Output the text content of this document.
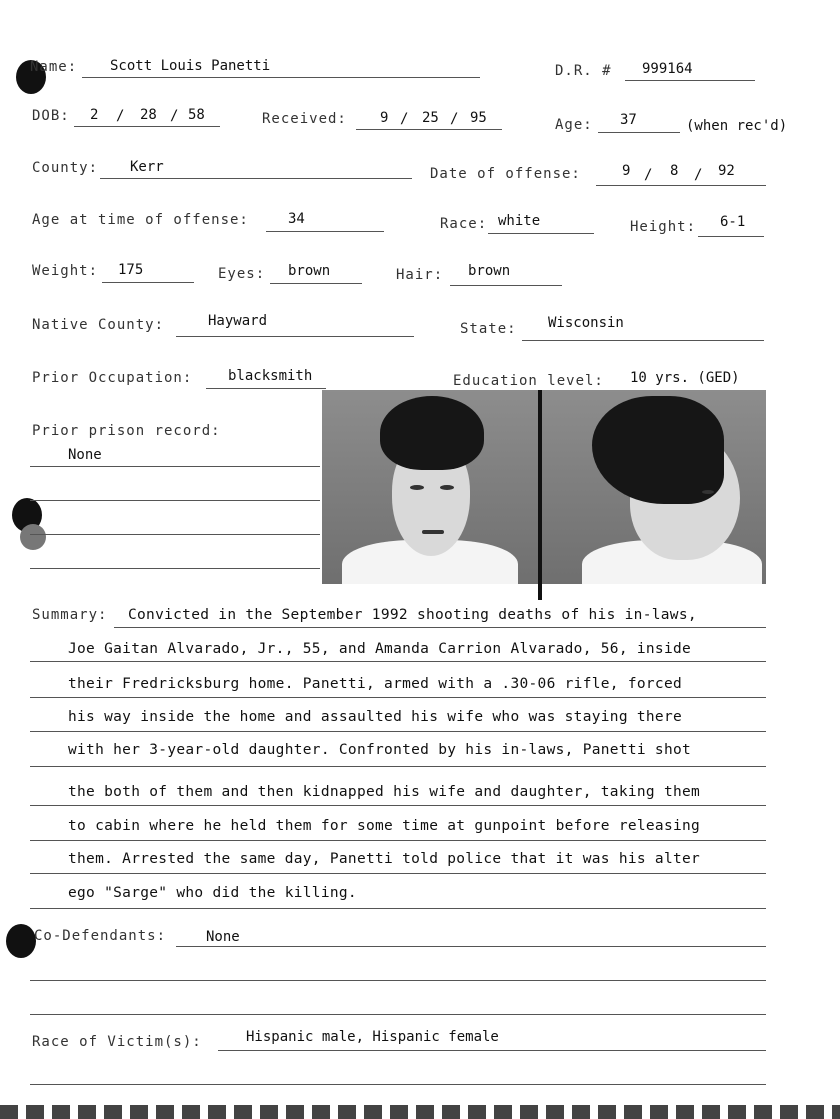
Name: Scott Louis Panetti	D.R. # 999164
DOB: 2 / 28 / 58	Received: 9 / 25 / 95	Age: 37	(when rec'd)
County: Kerr	Date of offense:	9 / 8 / 92
Age at time of offense:	34	Race: white	Height: 6-1
Weight: 175	Eyes: brown	Hair: brown
Native County:	Hayward	State: Wisconsin
Prior Occupation:	blacksmith	Education level: 10 yrs. (GED)
Prior prison record:
None
Summary: Convicted in the September 1992 shooting deaths of his in-laws,
Joe Gaitan Alvarado, Jr., 55, and Amanda Carrion Alvarado, 56, inside
their Fredricksburg home. Panetti, armed with a .30-06 rifle, forced
his way inside the home and assaulted his wife who was staying there
with her 3-year-old daughter. Confronted by his in-laws, Panetti shot
the both of them and then kidnapped his wife and daughter, taking them
to cabin where he held them for some time at gunpoint before releasing
them. Arrested the same day, Panetti told police that it was his alter
ego "Sarge" who did the killing.
Co-Defendants:	None
Race of Victim(s):	Hispanic male, Hispanic female
